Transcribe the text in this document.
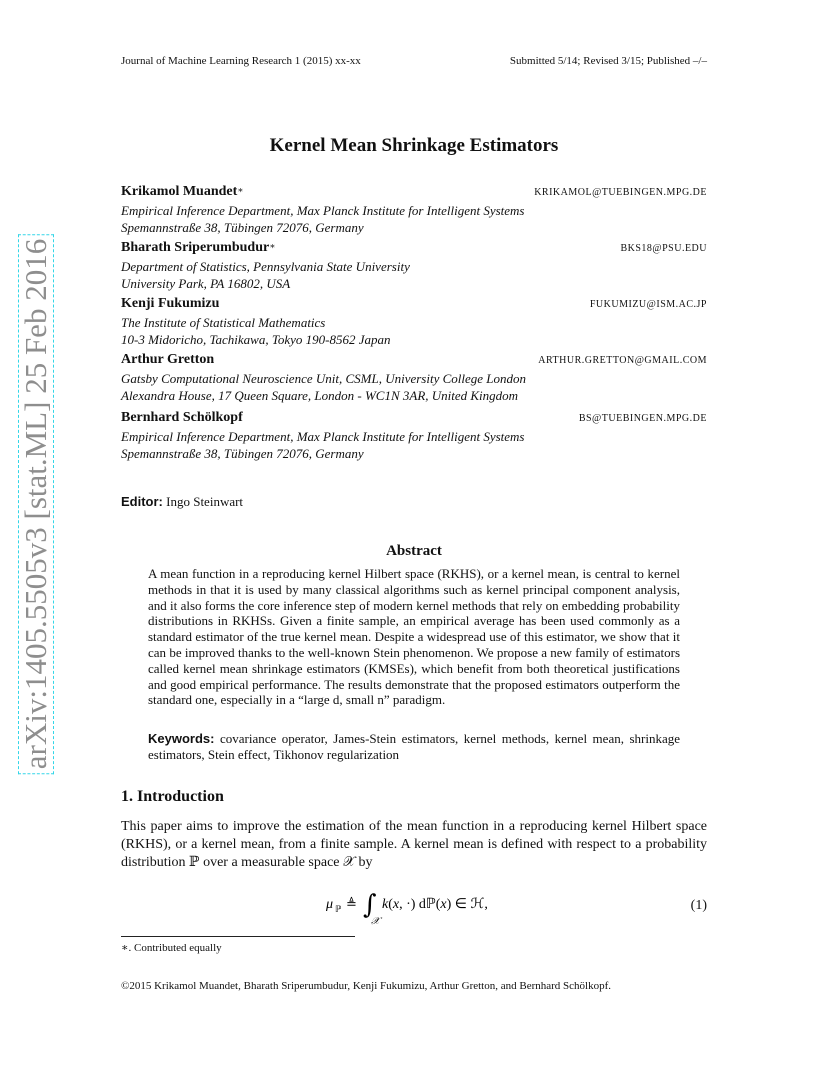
Journal of Machine Learning Research 1 (2015) xx-xx	Submitted 5/14; Revised 3/15; Published –/–
Kernel Mean Shrinkage Estimators
Krikamol Muandet∗	KRIKAMOL@TUEBINGEN.MPG.DE
Empirical Inference Department, Max Planck Institute for Intelligent Systems
Spemannstraße 38, Tübingen 72076, Germany
Bharath Sriperumbudur∗	BKS18@PSU.EDU
Department of Statistics, Pennsylvania State University
University Park, PA 16802, USA
Kenji Fukumizu	FUKUMIZU@ISM.AC.JP
The Institute of Statistical Mathematics
10-3 Midoricho, Tachikawa, Tokyo 190-8562 Japan
Arthur Gretton	ARTHUR.GRETTON@GMAIL.COM
Gatsby Computational Neuroscience Unit, CSML, University College London
Alexandra House, 17 Queen Square, London - WC1N 3AR, United Kingdom
Bernhard Schölkopf	BS@TUEBINGEN.MPG.DE
Empirical Inference Department, Max Planck Institute for Intelligent Systems
Spemannstraße 38, Tübingen 72076, Germany
Editor: Ingo Steinwart
Abstract
A mean function in a reproducing kernel Hilbert space (RKHS), or a kernel mean, is central to kernel methods in that it is used by many classical algorithms such as kernel principal component analysis, and it also forms the core inference step of modern kernel methods that rely on embedding probability distributions in RKHSs. Given a finite sample, an empirical average has been used commonly as a standard estimator of the true kernel mean. Despite a widespread use of this estimator, we show that it can be improved thanks to the well-known Stein phenomenon. We propose a new family of estimators called kernel mean shrinkage estimators (KMSEs), which benefit from both theoretical justifications and good empirical performance. The results demonstrate that the proposed estimators outperform the standard one, especially in a “large d, small n” paradigm.
Keywords: covariance operator, James-Stein estimators, kernel methods, kernel mean, shrinkage estimators, Stein effect, Tikhonov regularization
1. Introduction
This paper aims to improve the estimation of the mean function in a reproducing kernel Hilbert space (RKHS), or a kernel mean, from a finite sample. A kernel mean is defined with respect to a probability distribution ℙ over a measurable space 𝒳 by
μ ℙ ≜ ∫
𝒳
k(x, ·) dℙ(x) ∈ ℋ,	(1)
∗. Contributed equally
©2015 Krikamol Muandet, Bharath Sriperumbudur, Kenji Fukumizu, Arthur Gretton, and Bernhard Schölkopf.
arXiv:1405.5505v3 [stat.ML] 25 Feb 2016
